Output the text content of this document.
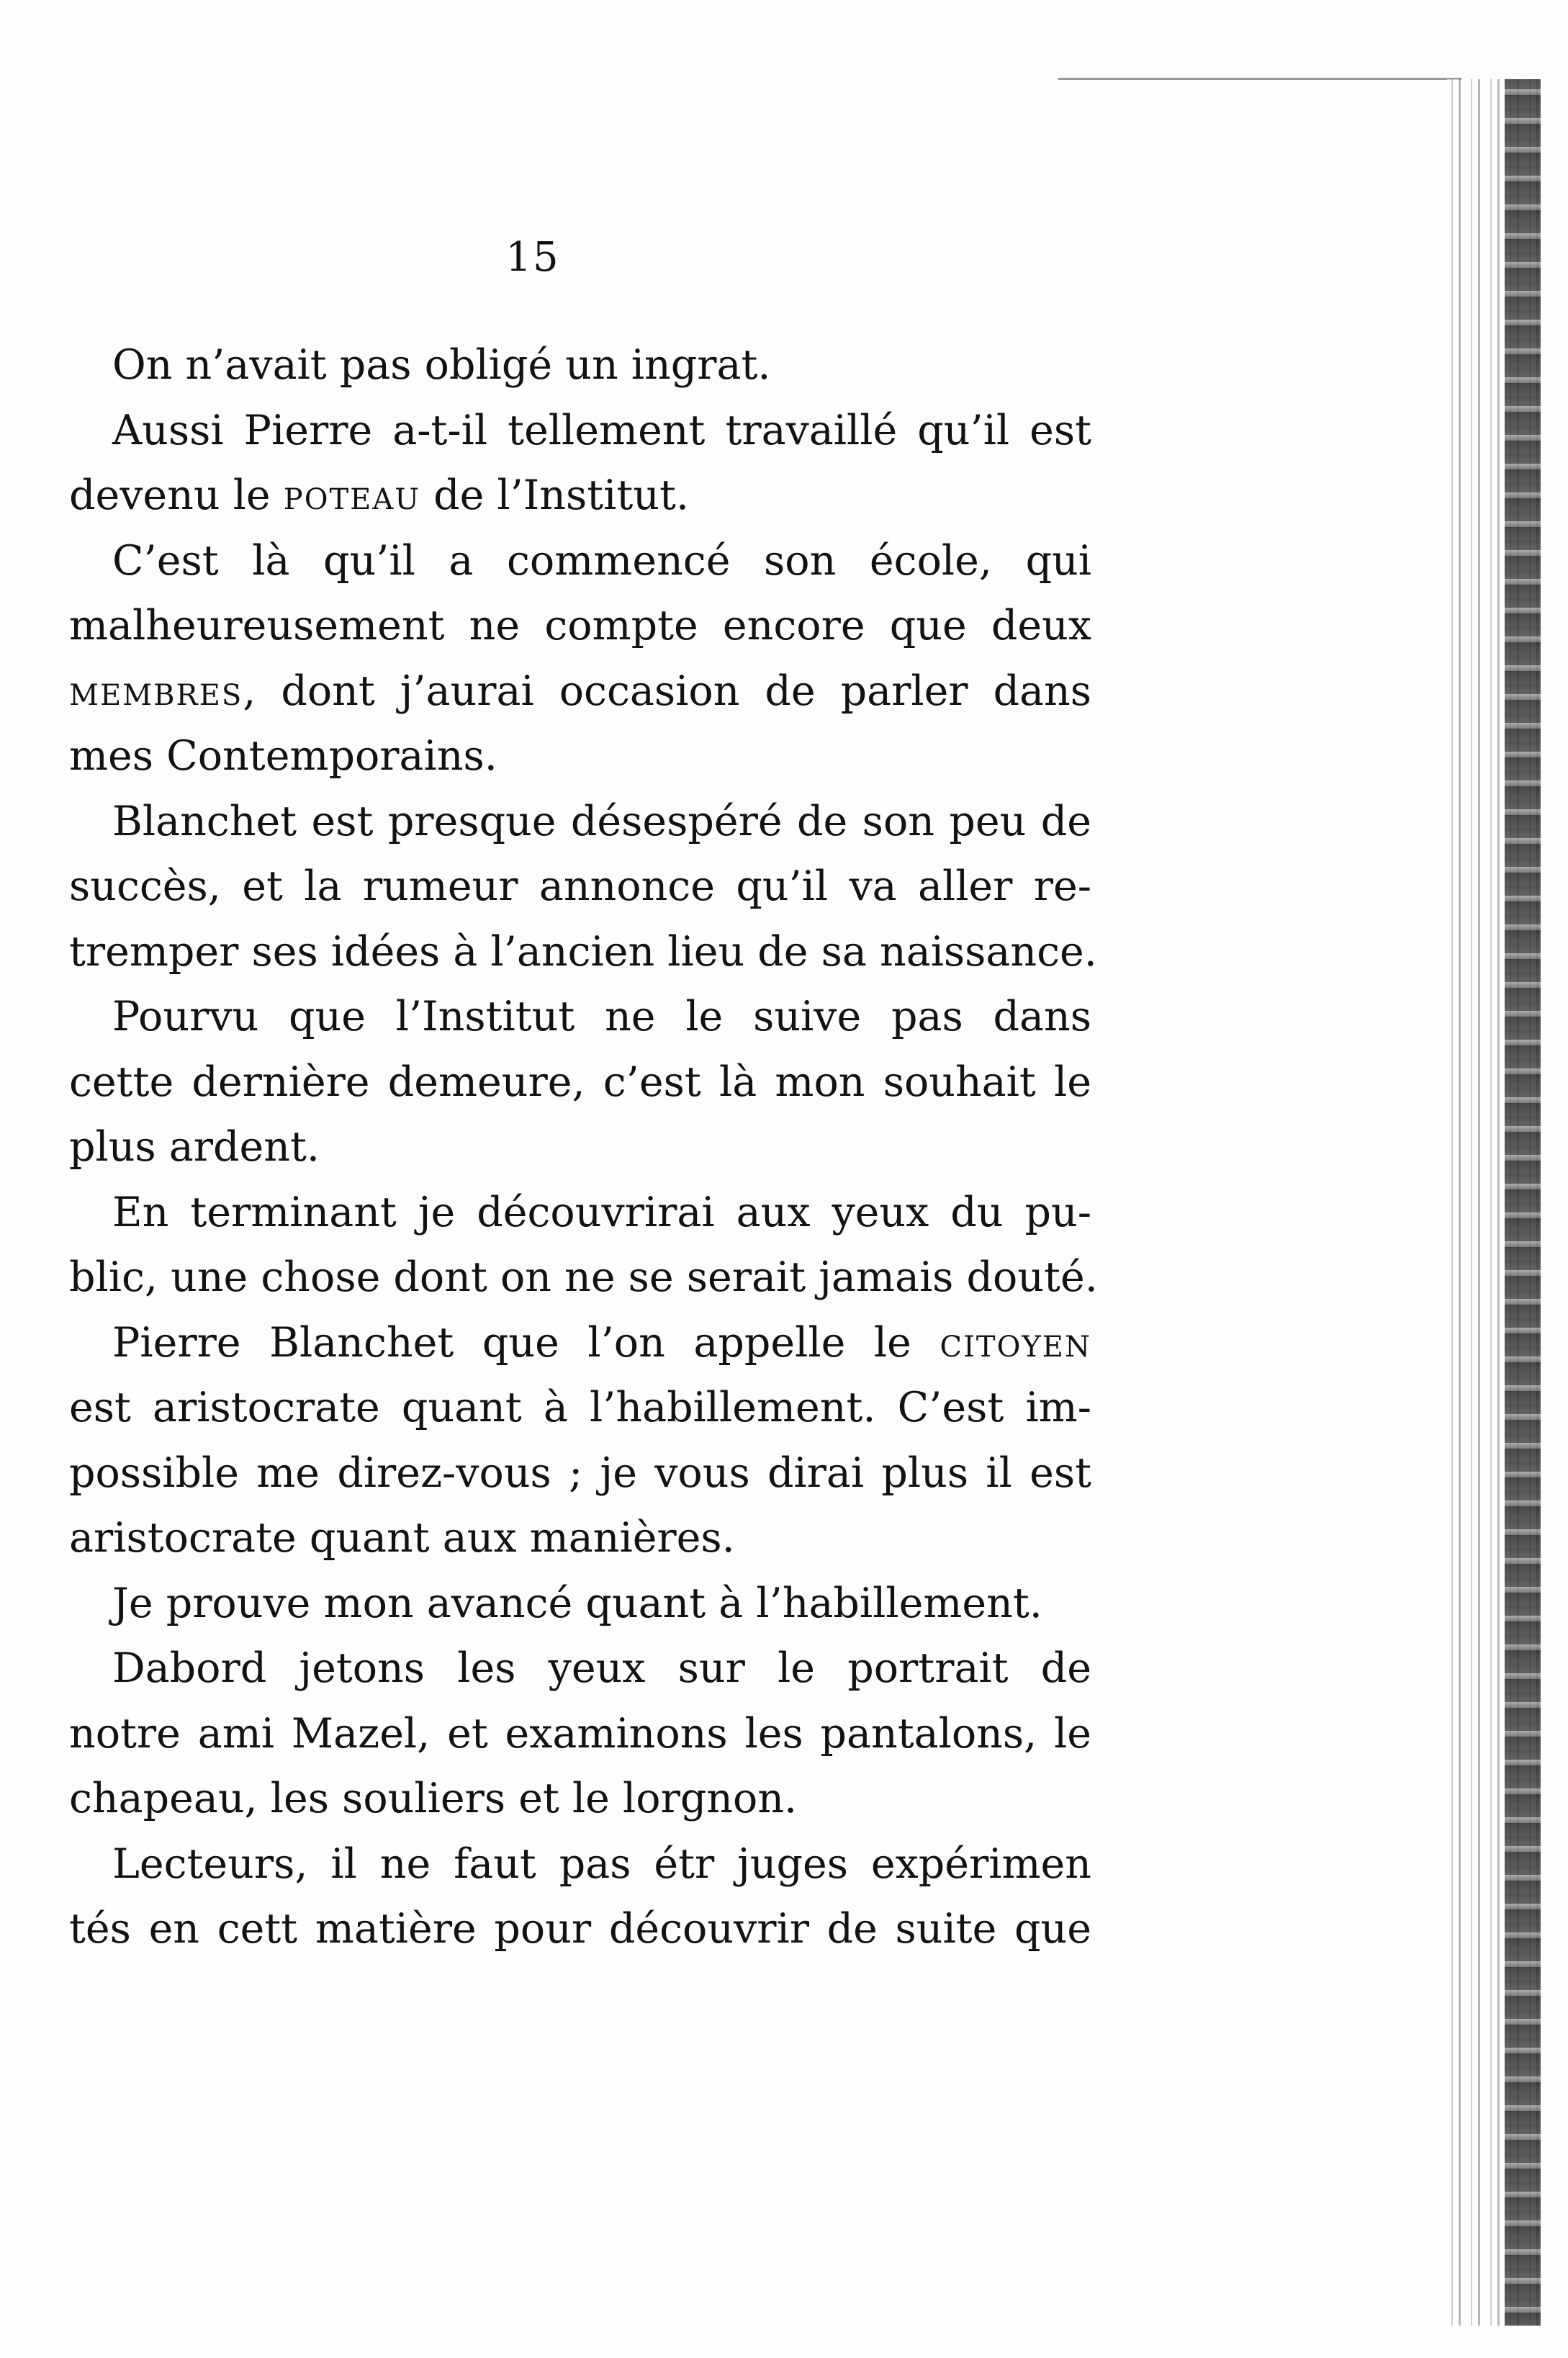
15
On n’avait pas obligé un ingrat.
Aussi Pierre a-t-il tellement travaillé qu’il est
devenu le poteau de l’Institut.
C’est là qu’il a commencé son école, qui
malheureusement ne compte encore que deux
membres, dont j’aurai occasion de parler dans
mes Contemporains.
Blanchet est presque désespéré de son peu de
succès, et la rumeur annonce qu’il va aller re-
tremper ses idées à l’ancien lieu de sa naissance.
Pourvu que l’Institut ne le suive pas dans
cette dernière demeure, c’est là mon souhait le
plus ardent.
En terminant je découvrirai aux yeux du pu-
blic, une chose dont on ne se serait jamais douté.
Pierre Blanchet que l’on appelle le citoyen
est aristocrate quant à l’habillement. C’est im-
possible me direz-vous ; je vous dirai plus il est
aristocrate quant aux manières.
Je prouve mon avancé quant à l’habillement.
Dabord jetons les yeux sur le portrait de
notre ami Mazel, et examinons les pantalons, le
chapeau, les souliers et le lorgnon.
Lecteurs, il ne faut pas étr juges expérimen
tés en cett matière pour découvrir de suite que
